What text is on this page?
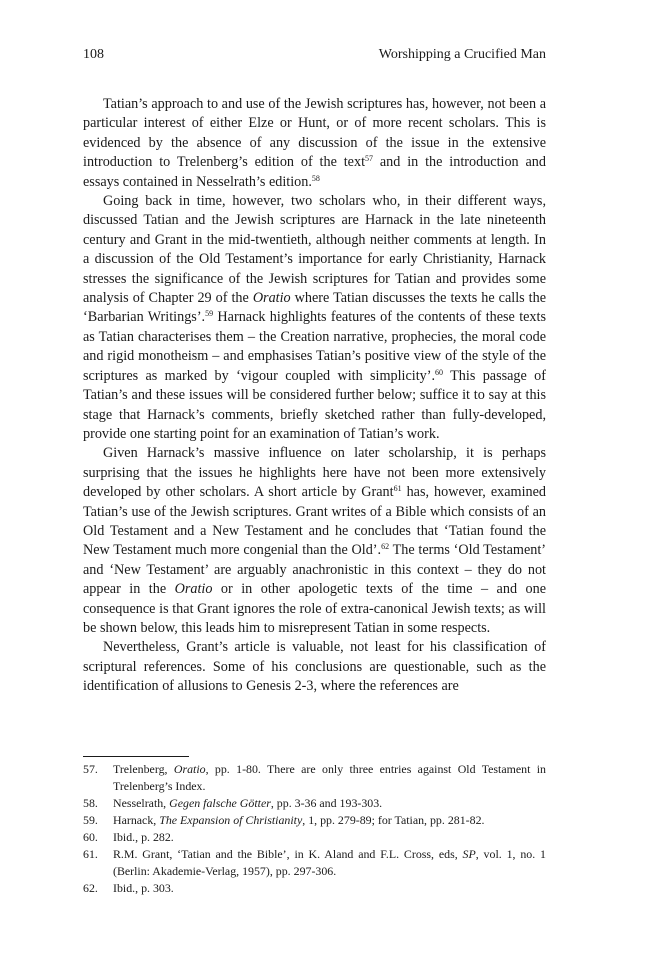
108	Worshipping a Crucified Man

Tatian’s approach to and use of the Jewish scriptures has, however, not been a particular interest of either Elze or Hunt, or of more recent scholars. This is evidenced by the absence of any discussion of the issue in the extensive introduction to Trelenberg’s edition of the text$^{57}$ and in the introduction and essays contained in Nesselrath’s edition.$^{58}$

Going back in time, however, two scholars who, in their different ways, discussed Tatian and the Jewish scriptures are Harnack in the late nineteenth century and Grant in the mid-twentieth, although neither comments at length. In a discussion of the Old Testament’s importance for early Christianity, Harnack stresses the significance of the Jewish scriptures for Tatian and provides some analysis of Chapter 29 of the Oratio where Tatian discusses the texts he calls the ‘Barbarian Writings’.$^{59}$ Harnack highlights features of the contents of these texts as Tatian characterises them – the Creation narrative, prophecies, the moral code and rigid monotheism – and emphasises Tatian’s positive view of the style of the scriptures as marked by ‘vigour coupled with simplicity’.$^{60}$ This passage of Tatian’s and these issues will be considered further below; suffice it to say at this stage that Harnack’s comments, briefly sketched rather than fully-developed, provide one starting point for an examination of Tatian’s work.

Given Harnack’s massive influence on later scholarship, it is perhaps surprising that the issues he highlights here have not been more extensively developed by other scholars. A short article by Grant$^{61}$ has, however, examined Tatian’s use of the Jewish scriptures. Grant writes of a Bible which consists of an Old Testament and a New Testament and he concludes that ‘Tatian found the New Testament much more congenial than the Old’.$^{62}$ The terms ‘Old Testament’ and ‘New Testament’ are arguably anachronistic in this context – they do not appear in the Oratio or in other apologetic texts of the time – and one consequence is that Grant ignores the role of extra-canonical Jewish texts; as will be shown below, this leads him to misrepresent Tatian in some respects.

Nevertheless, Grant’s article is valuable, not least for his classification of scriptural references. Some of his conclusions are questionable, such as the identification of allusions to Genesis 2-3, where the references are

57.	Trelenberg, Oratio, pp. 1-80. There are only three entries against Old Testament in Trelenberg’s Index.
58.	Nesselrath, Gegen falsche Götter, pp. 3-36 and 193-303.
59.	Harnack, The Expansion of Christianity, 1, pp. 279-89; for Tatian, pp. 281-82.
60.	Ibid., p. 282.
61.	R.M. Grant, ‘Tatian and the Bible’, in K. Aland and F.L. Cross, eds, SP, vol. 1, no. 1 (Berlin: Akademie-Verlag, 1957), pp. 297-306.
62.	Ibid., p. 303.
